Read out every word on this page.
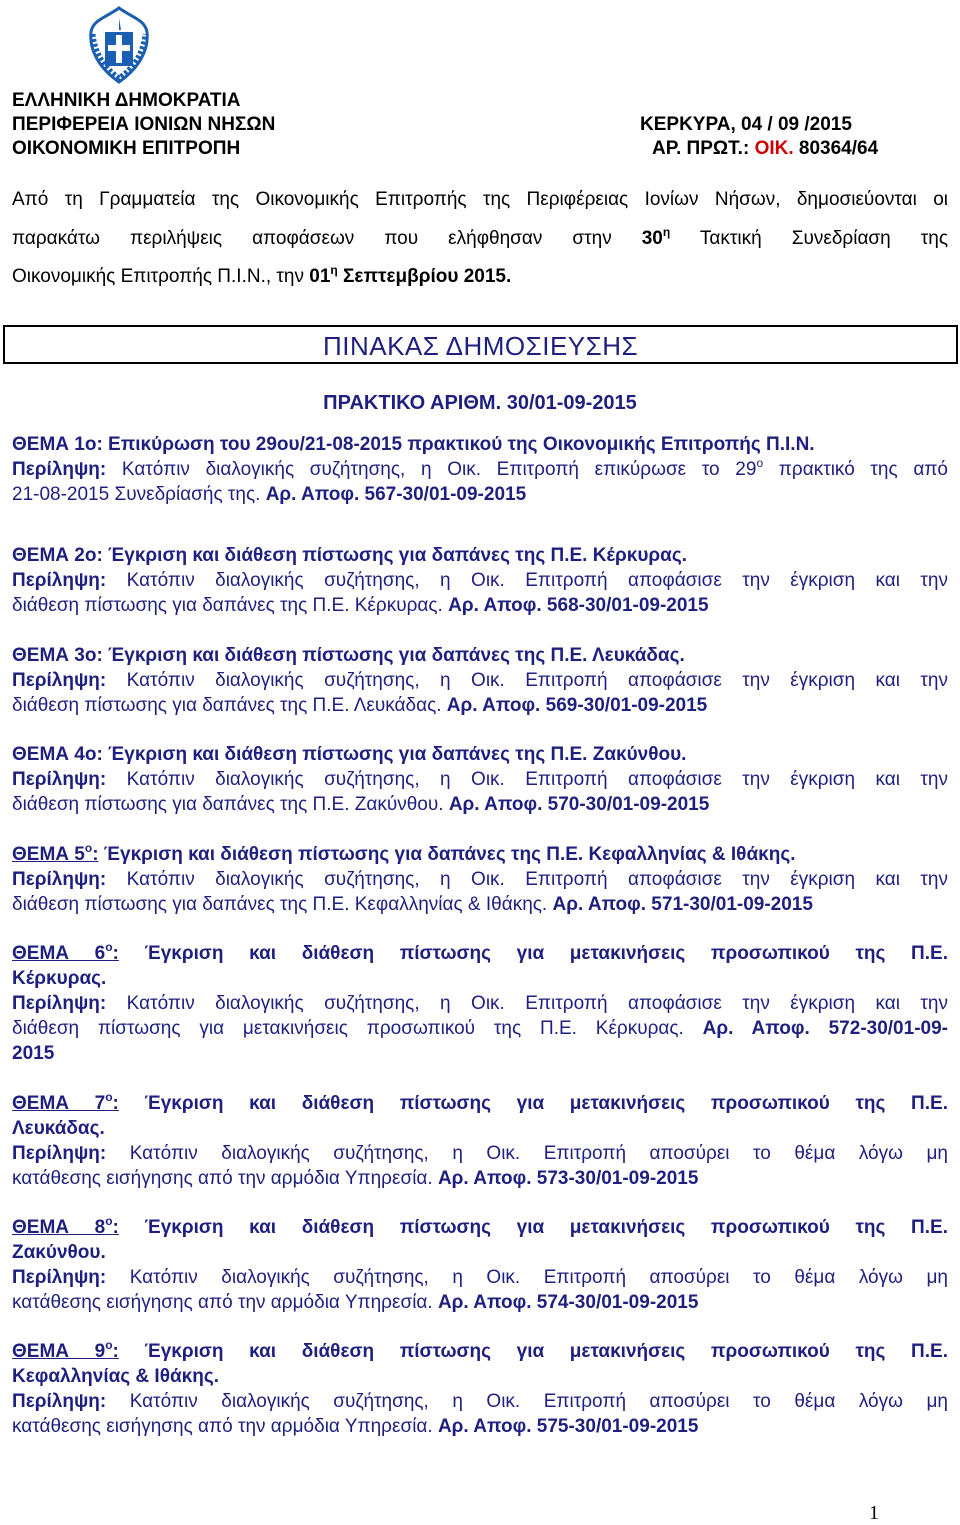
ΕΛΛΗΝΙΚΗ ΔΗΜΟΚΡΑΤΙΑ
ΠΕΡΙΦΕΡΕΙΑ ΙΟΝΙΩΝ ΝΗΣΩΝ	ΚΕΡΚΥΡΑ, 04 / 09 /2015
ΟΙΚΟΝΟΜΙΚΗ ΕΠΙΤΡΟΠΗ	ΑΡ. ΠΡΩΤ.: ΟΙΚ. 80364/64
Από τη Γραμματεία της Οικονομικής Επιτροπής της Περιφέρειας Ιονίων Νήσων, δημοσιεύονται οι
παρακάτω περιλήψεις αποφάσεων που ελήφθησαν στην $30^\eta$ Τακτική Συνεδρίαση της
Οικονομικής Επιτροπής Π.Ι.Ν., την $01^\eta$ Σεπτεμβρίου 2015.
ΠΙΝΑΚΑΣ ΔΗΜΟΣΙΕΥΣΗΣ
ΠΡΑΚΤΙΚΟ ΑΡΙΘΜ. 30/01-09-2015
ΘΕΜΑ 1ο: Επικύρωση του 29ου/21-08-2015 πρακτικού της Οικονομικής Επιτροπής Π.Ι.Ν.
Περίληψη: Κατόπιν διαλογικής συζήτησης, η Οικ. Επιτροπή επικύρωσε το $29^o$ πρακτικό της από
21-08-2015 Συνεδρίασής της. Αρ. Αποφ. 567-30/01-09-2015
ΘΕΜΑ 2ο: Έγκριση και διάθεση πίστωσης για δαπάνες της Π.Ε. Κέρκυρας.
Περίληψη: Κατόπιν διαλογικής συζήτησης, η Οικ. Επιτροπή αποφάσισε την έγκριση και την
διάθεση πίστωσης για δαπάνες της Π.Ε. Κέρκυρας. Αρ. Αποφ. 568-30/01-09-2015
ΘΕΜΑ 3ο: Έγκριση και διάθεση πίστωσης για δαπάνες της Π.Ε. Λευκάδας.
Περίληψη: Κατόπιν διαλογικής συζήτησης, η Οικ. Επιτροπή αποφάσισε την έγκριση και την
διάθεση πίστωσης για δαπάνες της Π.Ε. Λευκάδας. Αρ. Αποφ. 569-30/01-09-2015
ΘΕΜΑ 4ο: Έγκριση και διάθεση πίστωσης για δαπάνες της Π.Ε. Ζακύνθου.
Περίληψη: Κατόπιν διαλογικής συζήτησης, η Οικ. Επιτροπή αποφάσισε την έγκριση και την
διάθεση πίστωσης για δαπάνες της Π.Ε. Ζακύνθου. Αρ. Αποφ. 570-30/01-09-2015
ΘΕΜΑ $5^o$: Έγκριση και διάθεση πίστωσης για δαπάνες της Π.Ε. Κεφαλληνίας & Ιθάκης.
Περίληψη: Κατόπιν διαλογικής συζήτησης, η Οικ. Επιτροπή αποφάσισε την έγκριση και την
διάθεση πίστωσης για δαπάνες της Π.Ε. Κεφαλληνίας & Ιθάκης. Αρ. Αποφ. 571-30/01-09-2015
ΘΕΜΑ $6^o$: Έγκριση και διάθεση πίστωσης για μετακινήσεις προσωπικού της Π.Ε.
Κέρκυρας.
Περίληψη: Κατόπιν διαλογικής συζήτησης, η Οικ. Επιτροπή αποφάσισε την έγκριση και την
διάθεση πίστωσης για μετακινήσεις προσωπικού της Π.Ε. Κέρκυρας. Αρ. Αποφ. 572-30/01-09-
2015
ΘΕΜΑ $7^o$: Έγκριση και διάθεση πίστωσης για μετακινήσεις προσωπικού της Π.Ε.
Λευκάδας.
Περίληψη: Κατόπιν διαλογικής συζήτησης, η Οικ. Επιτροπή αποσύρει το θέμα λόγω μη
κατάθεσης εισήγησης από την αρμόδια Υπηρεσία. Αρ. Αποφ. 573-30/01-09-2015
ΘΕΜΑ $8^o$: Έγκριση και διάθεση πίστωσης για μετακινήσεις προσωπικού της Π.Ε.
Ζακύνθου.
Περίληψη: Κατόπιν διαλογικής συζήτησης, η Οικ. Επιτροπή αποσύρει το θέμα λόγω μη
κατάθεσης εισήγησης από την αρμόδια Υπηρεσία. Αρ. Αποφ. 574-30/01-09-2015
ΘΕΜΑ $9^o$: Έγκριση και διάθεση πίστωσης για μετακινήσεις προσωπικού της Π.Ε.
Κεφαλληνίας & Ιθάκης.
Περίληψη: Κατόπιν διαλογικής συζήτησης, η Οικ. Επιτροπή αποσύρει το θέμα λόγω μη
κατάθεσης εισήγησης από την αρμόδια Υπηρεσία. Αρ. Αποφ. 575-30/01-09-2015
1
